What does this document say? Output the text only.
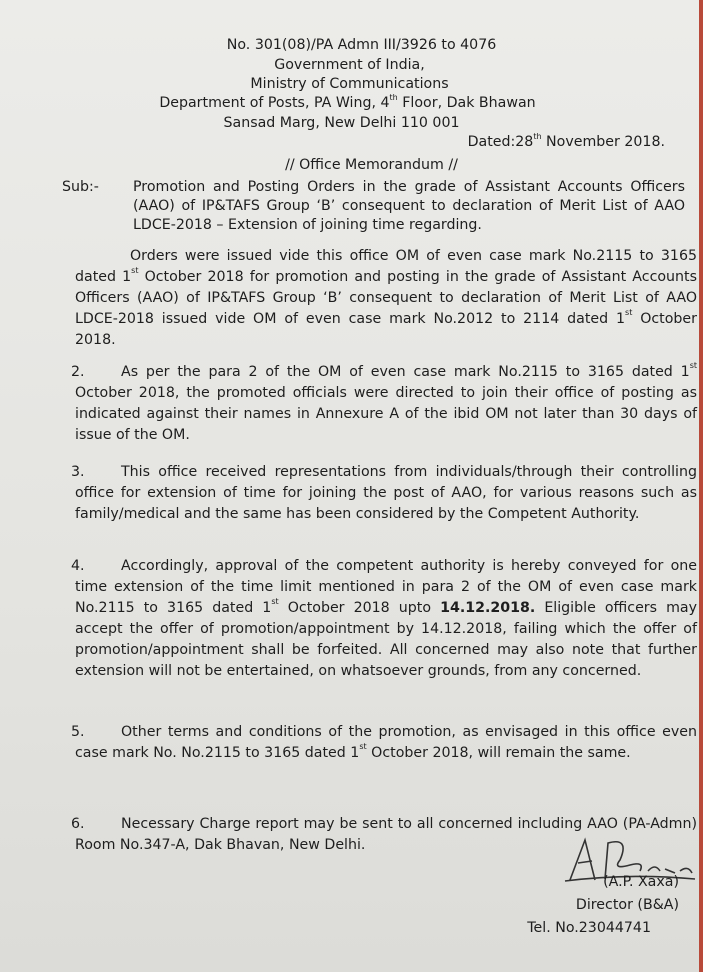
No. 301(08)/PA Admn III/3926 to 4076
Government of India,
Ministry of Communications
Department of Posts, PA Wing, 4th Floor, Dak Bhawan
Sansad Marg, New Delhi 110 001
Dated:28th November 2018.
// Office Memorandum //
Sub:- Promotion and Posting Orders in the grade of Assistant Accounts Officers (AAO) of IP&TAFS Group ‘B’ consequent to declaration of Merit List of AAO LDCE-2018 – Extension of joining time regarding.
Orders were issued vide this office OM of even case mark No.2115 to 3165 dated 1st October 2018 for promotion and posting in the grade of Assistant Accounts Officers (AAO) of IP&TAFS Group ‘B’ consequent to declaration of Merit List of AAO LDCE-2018 issued vide OM of even case mark No.2012 to 2114 dated 1st October 2018.
2.	As per the para 2 of the OM of even case mark No.2115 to 3165 dated 1st October 2018, the promoted officials were directed to join their office of posting as indicated against their names in Annexure A of the ibid OM not later than 30 days of issue of the OM.
3.	This office received representations from individuals/through their controlling office for extension of time for joining the post of AAO, for various reasons such as family/medical and the same has been considered by the Competent Authority.
4.	Accordingly, approval of the competent authority is hereby conveyed for one time extension of the time limit mentioned in para 2 of the OM of even case mark No.2115 to 3165 dated 1st October 2018 upto 14.12.2018. Eligible officers may accept the offer of promotion/appointment by 14.12.2018, failing which the offer of promotion/appointment shall be forfeited. All concerned may also note that further extension will not be entertained, on whatsoever grounds, from any concerned.
5.	Other terms and conditions of the promotion, as envisaged in this office even case mark No. No.2115 to 3165 dated 1st October 2018, will remain the same.
6.	Necessary Charge report may be sent to all concerned including AAO (PA-Admn) Room No.347-A, Dak Bhavan, New Delhi.
(A.P. Xaxa)
Director (B&A)
Tel. No.23044741
